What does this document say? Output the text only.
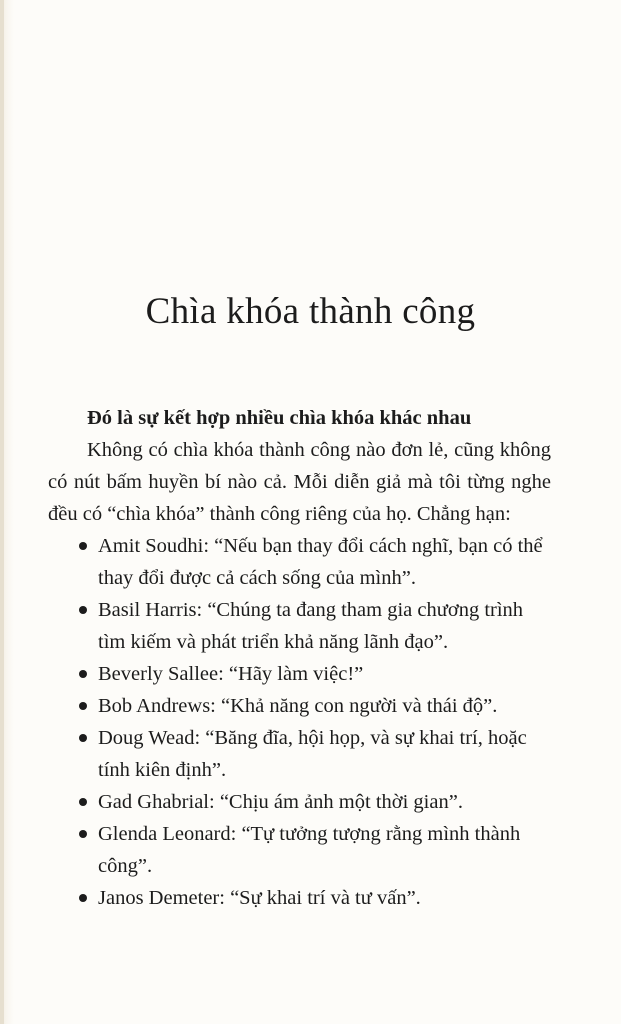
Chìa khóa thành công

Đó là sự kết hợp nhiều chìa khóa khác nhau

Không có chìa khóa thành công nào đơn lẻ, cũng không có nút bấm huyền bí nào cả. Mỗi diễn giả mà tôi từng nghe đều có “chìa khóa” thành công riêng của họ. Chẳng hạn:

Amit Soudhi: “Nếu bạn thay đổi cách nghĩ, bạn có thể thay đổi được cả cách sống của mình”.
Basil Harris: “Chúng ta đang tham gia chương trình tìm kiếm và phát triển khả năng lãnh đạo”.
Beverly Sallee: “Hãy làm việc!”
Bob Andrews: “Khả năng con người và thái độ”.
Doug Wead: “Băng đĩa, hội họp, và sự khai trí, hoặc tính kiên định”.
Gad Ghabrial: “Chịu ám ảnh một thời gian”.
Glenda Leonard: “Tự tưởng tượng rằng mình thành công”.
Janos Demeter: “Sự khai trí và tư vấn”.
